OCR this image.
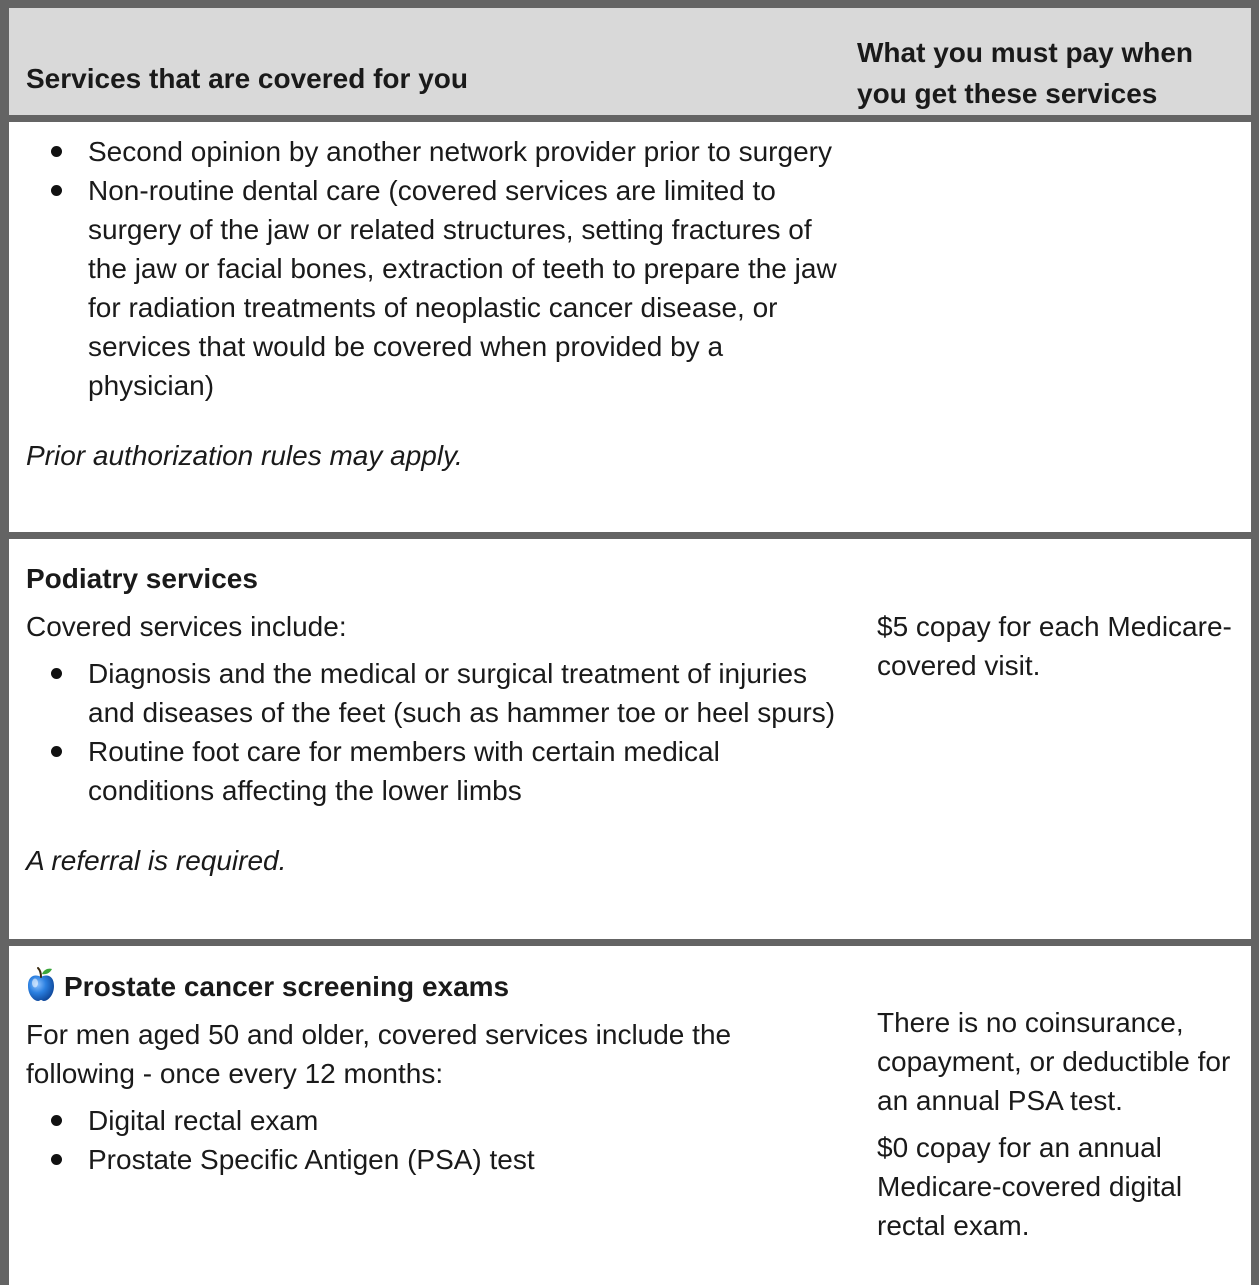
Services that are covered for you
What you must pay when you get these services
Second opinion by another network provider prior to surgery
Non-routine dental care (covered services are limited to surgery of the jaw or related structures, setting fractures of the jaw or facial bones, extraction of teeth to prepare the jaw for radiation treatments of neoplastic cancer disease, or services that would be covered when provided by a physician)
Prior authorization rules may apply.
Podiatry services
Covered services include:
Diagnosis and the medical or surgical treatment of injuries and diseases of the feet (such as hammer toe or heel spurs)
Routine foot care for members with certain medical conditions affecting the lower limbs
A referral is required.
$5 copay for each Medicare-covered visit.
Prostate cancer screening exams
For men aged 50 and older, covered services include the following - once every 12 months:
Digital rectal exam
Prostate Specific Antigen (PSA) test
There is no coinsurance, copayment, or deductible for an annual PSA test.
$0 copay for an annual Medicare-covered digital rectal exam.
